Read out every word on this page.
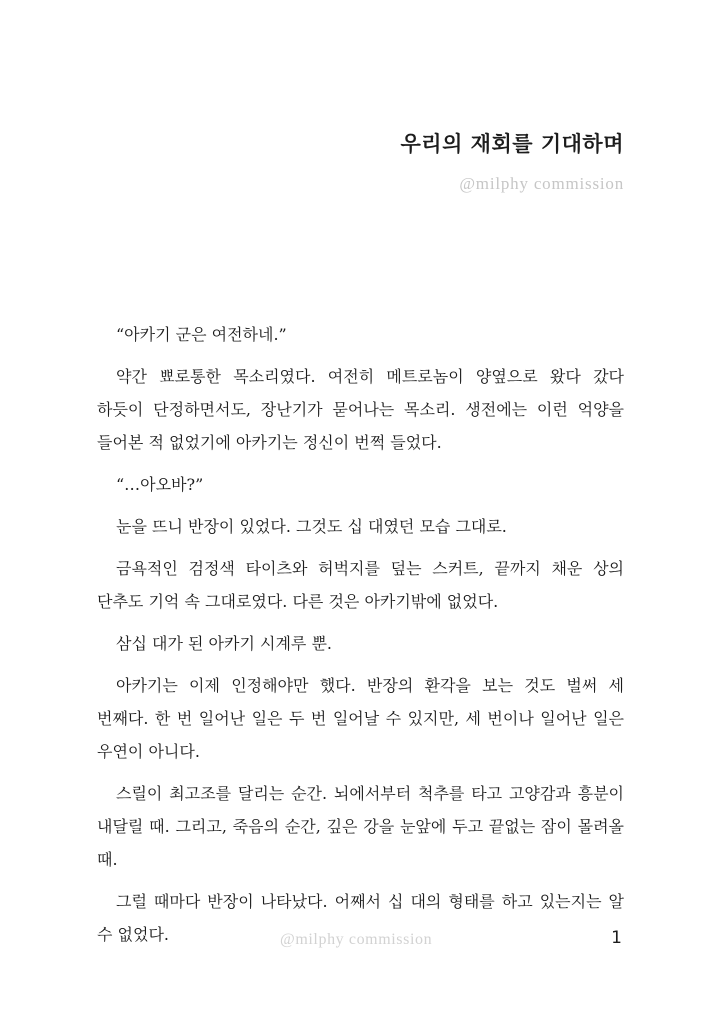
우리의 재회를 기대하며
@milphy commission

“아카기 군은 여전하네.”

약간 뾰로통한 목소리였다. 여전히 메트로놈이 양옆으로 왔다 갔다 하듯이 단정하면서도, 장난기가 묻어나는 목소리. 생전에는 이런 억양을 들어본 적 없었기에 아카기는 정신이 번쩍 들었다.

“…아오바?”

눈을 뜨니 반장이 있었다. 그것도 십 대였던 모습 그대로.

금욕적인 검정색 타이츠와 허벅지를 덮는 스커트, 끝까지 채운 상의 단추도 기억 속 그대로였다. 다른 것은 아카기밖에 없었다.

삼십 대가 된 아카기 시계루 뿐.

아카기는 이제 인정해야만 했다. 반장의 환각을 보는 것도 벌써 세 번째다. 한 번 일어난 일은 두 번 일어날 수 있지만, 세 번이나 일어난 일은 우연이 아니다.

스릴이 최고조를 달리는 순간. 뇌에서부터 척추를 타고 고양감과 흥분이 내달릴 때. 그리고, 죽음의 순간, 깊은 강을 눈앞에 두고 끝없는 잠이 몰려올 때.

그럴 때마다 반장이 나타났다. 어째서 십 대의 형태를 하고 있는지는 알 수 없었다.	@milphy commission	1
